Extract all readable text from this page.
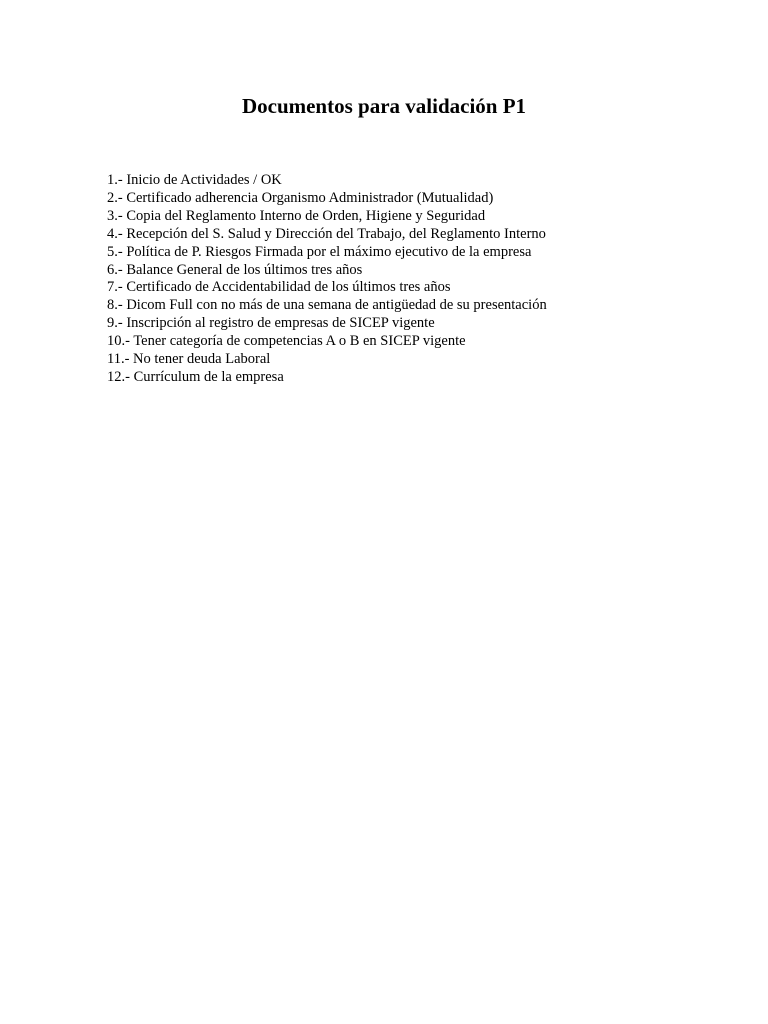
Documentos para validación P1
1.- Inicio de Actividades / OK
2.- Certificado adherencia Organismo Administrador (Mutualidad)
3.- Copia del Reglamento Interno de Orden, Higiene y Seguridad
4.- Recepción del S. Salud y Dirección del Trabajo, del Reglamento Interno
5.- Política de P. Riesgos Firmada por el máximo ejecutivo de la empresa
6.- Balance General de los últimos tres años
7.- Certificado de Accidentabilidad de los últimos tres años
8.- Dicom Full con no más de una semana de antigüedad de su presentación
9.- Inscripción al registro de empresas de SICEP vigente
10.- Tener categoría de competencias A o B en SICEP vigente
11.- No tener deuda Laboral
12.- Currículum de la empresa
